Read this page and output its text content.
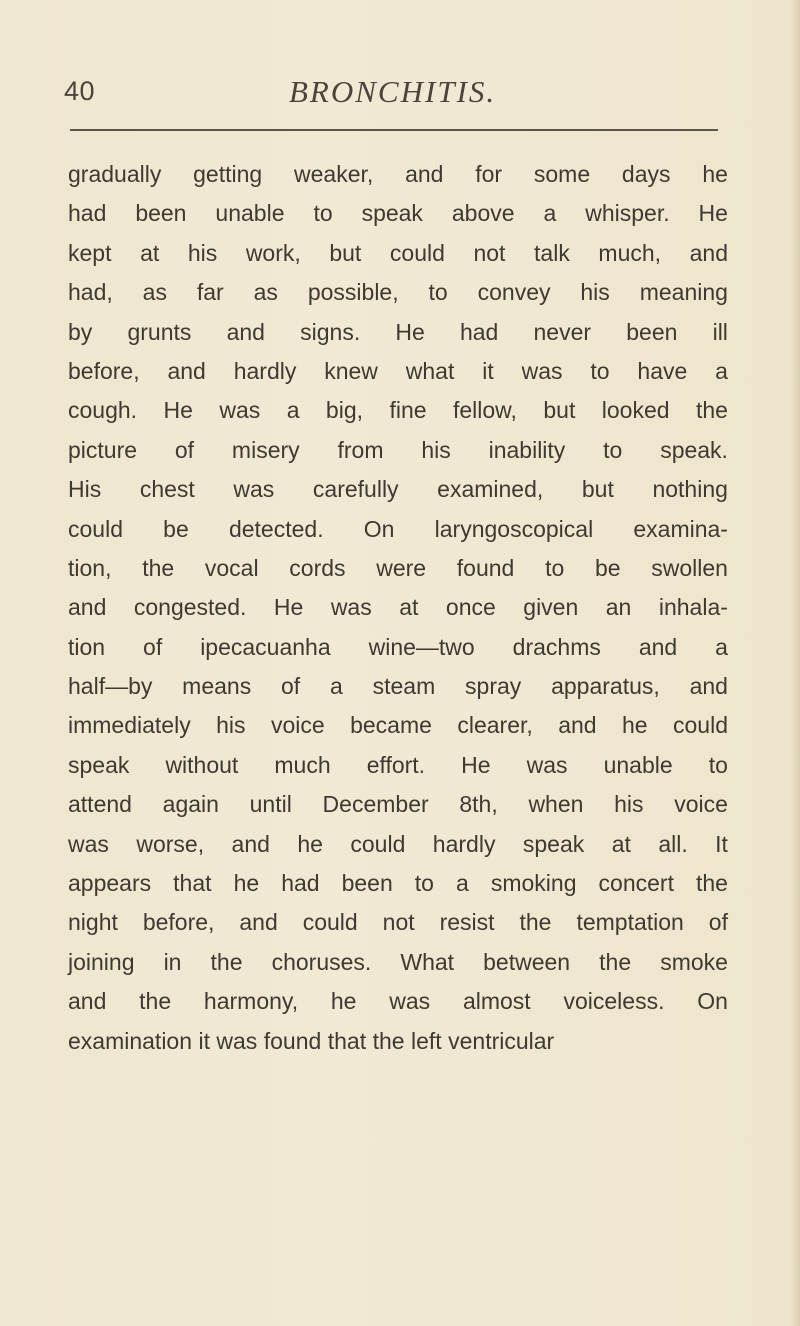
40	BRONCHITIS.
gradually getting weaker, and for some days he
had been unable to speak above a whisper. He
kept at his work, but could not talk much, and
had, as far as possible, to convey his meaning
by grunts and signs. He had never been ill
before, and hardly knew what it was to have a
cough. He was a big, fine fellow, but looked the
picture of misery from his inability to speak.
His chest was carefully examined, but nothing
could be detected. On laryngoscopical examina-
tion, the vocal cords were found to be swollen
and congested. He was at once given an inhala-
tion of ipecacuanha wine—two drachms and a
half—by means of a steam spray apparatus, and
immediately his voice became clearer, and he could
speak without much effort. He was unable to
attend again until December 8th, when his voice
was worse, and he could hardly speak at all. It
appears that he had been to a smoking concert the
night before, and could not resist the temptation of
joining in the choruses. What between the smoke
and the harmony, he was almost voiceless. On
examination it was found that the left ventricular
